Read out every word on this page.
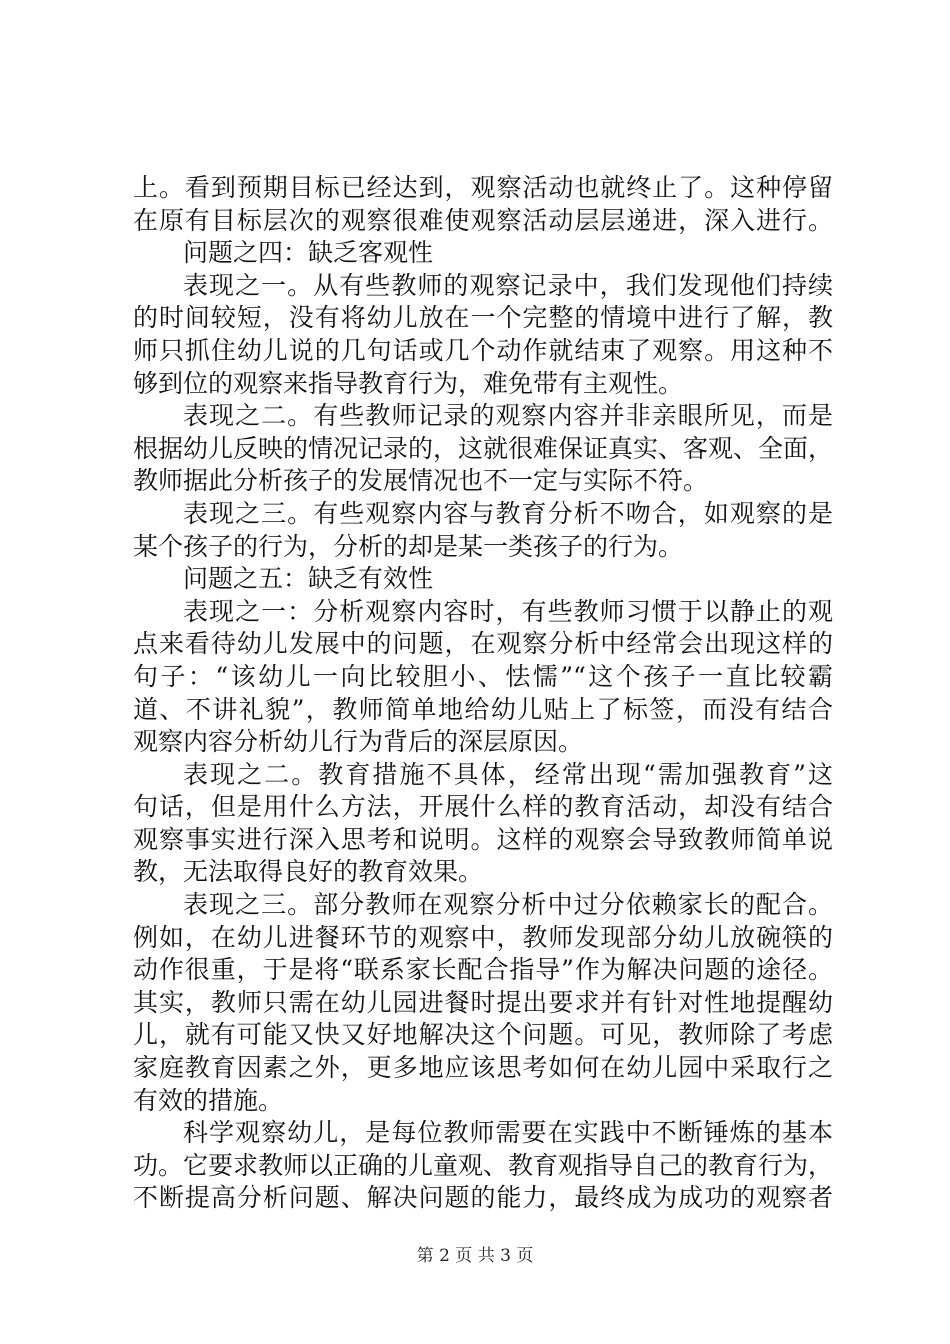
上。看到预期目标已经达到，观察活动也就终止了。这种停留
在原有目标层次的观察很难使观察活动层层递进，深入进行。
问题之四：缺乏客观性
表现之一。从有些教师的观察记录中，我们发现他们持续
的时间较短，没有将幼儿放在一个完整的情境中进行了解，教
师只抓住幼儿说的几句话或几个动作就结束了观察。用这种不
够到位的观察来指导教育行为，难免带有主观性。
表现之二。有些教师记录的观察内容并非亲眼所见，而是
根据幼儿反映的情况记录的，这就很难保证真实、客观、全面，
教师据此分析孩子的发展情况也不一定与实际不符。
表现之三。有些观察内容与教育分析不吻合，如观察的是
某个孩子的行为，分析的却是某一类孩子的行为。
问题之五：缺乏有效性
表现之一：分析观察内容时，有些教师习惯于以静止的观
点来看待幼儿发展中的问题，在观察分析中经常会出现这样的
句子：“该幼儿一向比较胆小、怯懦”“这个孩子一直比较霸
道、不讲礼貌”，教师简单地给幼儿贴上了标签，而没有结合
观察内容分析幼儿行为背后的深层原因。
表现之二。教育措施不具体，经常出现“需加强教育”这
句话，但是用什么方法，开展什么样的教育活动，却没有结合
观察事实进行深入思考和说明。这样的观察会导致教师简单说
教，无法取得良好的教育效果。
表现之三。部分教师在观察分析中过分依赖家长的配合。
例如，在幼儿进餐环节的观察中，教师发现部分幼儿放碗筷的
动作很重，于是将“联系家长配合指导”作为解决问题的途径。
其实，教师只需在幼儿园进餐时提出要求并有针对性地提醒幼
儿，就有可能又快又好地解决这个问题。可见，教师除了考虑
家庭教育因素之外，更多地应该思考如何在幼儿园中采取行之
有效的措施。
科学观察幼儿，是每位教师需要在实践中不断锤炼的基本
功。它要求教师以正确的儿童观、教育观指导自己的教育行为，
不断提高分析问题、解决问题的能力，最终成为成功的观察者
第 2 页 共 3 页
